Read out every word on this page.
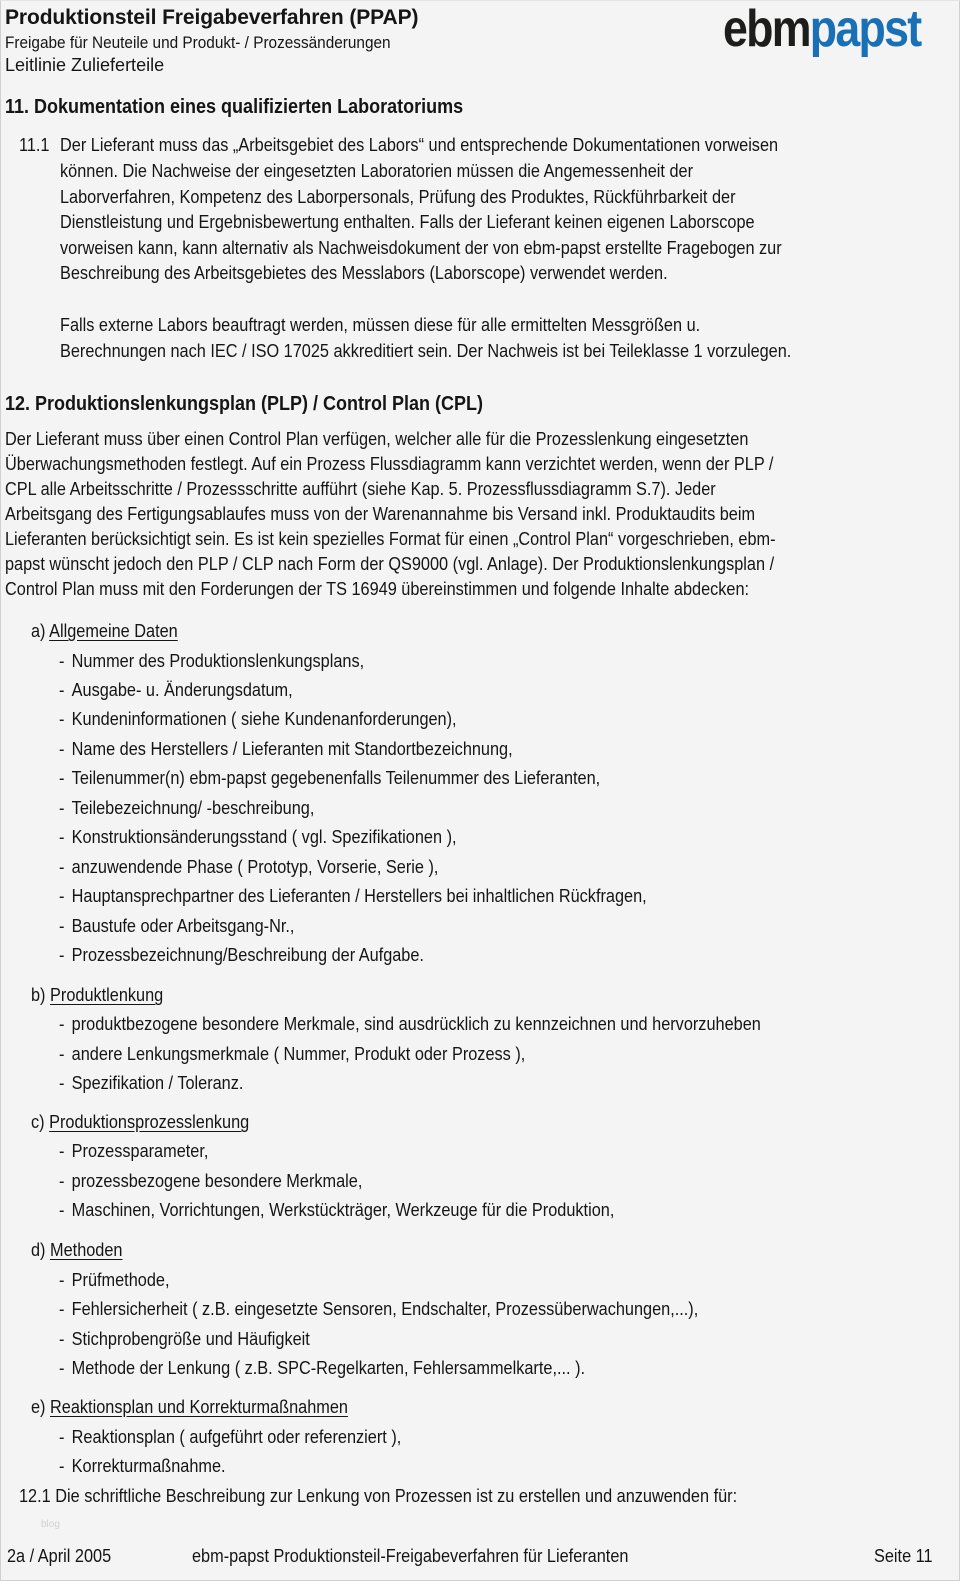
Produktionsteil Freigabeverfahren (PPAP)
Freigabe für Neuteile und Produkt- / Prozessänderungen
Leitlinie Zulieferteile
ebmpapst
11. Dokumentation eines qualifizierten Laboratoriums
11.1 Der Lieferant muss das „Arbeitsgebiet des Labors“ und entsprechende Dokumentationen vorweisen
können. Die Nachweise der eingesetzten Laboratorien müssen die Angemessenheit der
Laborverfahren, Kompetenz des Laborpersonals, Prüfung des Produktes, Rückführbarkeit der
Dienstleistung und Ergebnisbewertung enthalten. Falls der Lieferant keinen eigenen Laborscope
vorweisen kann, kann alternativ als Nachweisdokument der von ebm-papst erstellte Fragebogen zur
Beschreibung des Arbeitsgebietes des Messlabors (Laborscope) verwendet werden.
Falls externe Labors beauftragt werden, müssen diese für alle ermittelten Messgrößen u.
Berechnungen nach IEC / ISO 17025 akkreditiert sein. Der Nachweis ist bei Teileklasse 1 vorzulegen.
12. Produktionslenkungsplan (PLP) / Control Plan (CPL)
Der Lieferant muss über einen Control Plan verfügen, welcher alle für die Prozesslenkung eingesetzten
Überwachungsmethoden festlegt. Auf ein Prozess Flussdiagramm kann verzichtet werden, wenn der PLP /
CPL alle Arbeitsschritte / Prozessschritte aufführt (siehe Kap. 5. Prozessflussdiagramm S.7). Jeder
Arbeitsgang des Fertigungsablaufes muss von der Warenannahme bis Versand inkl. Produktaudits beim
Lieferanten berücksichtigt sein. Es ist kein spezielles Format für einen „Control Plan“ vorgeschrieben, ebm-
papst wünscht jedoch den PLP / CLP nach Form der QS9000 (vgl. Anlage). Der Produktionslenkungsplan /
Control Plan muss mit den Forderungen der TS 16949 übereinstimmen und folgende Inhalte abdecken:
a) Allgemeine Daten
- Nummer des Produktionslenkungsplans,
- Ausgabe- u. Änderungsdatum,
- Kundeninformationen ( siehe Kundenanforderungen),
- Name des Herstellers / Lieferanten mit Standortbezeichnung,
- Teilenummer(n) ebm-papst gegebenenfalls Teilenummer des Lieferanten,
- Teilebezeichnung/ -beschreibung,
- Konstruktionsänderungsstand ( vgl. Spezifikationen ),
- anzuwendende Phase ( Prototyp, Vorserie, Serie ),
- Hauptansprechpartner des Lieferanten / Herstellers bei inhaltlichen Rückfragen,
- Baustufe oder Arbeitsgang-Nr.,
- Prozessbezeichnung/Beschreibung der Aufgabe.
b) Produktlenkung
- produktbezogene besondere Merkmale, sind ausdrücklich zu kennzeichnen und hervorzuheben
- andere Lenkungsmerkmale ( Nummer, Produkt oder Prozess ),
- Spezifikation / Toleranz.
c) Produktionsprozesslenkung
- Prozessparameter,
- prozessbezogene besondere Merkmale,
- Maschinen, Vorrichtungen, Werkstückträger, Werkzeuge für die Produktion,
d) Methoden
- Prüfmethode,
- Fehlersicherheit ( z.B. eingesetzte Sensoren, Endschalter, Prozessüberwachungen,...),
- Stichprobengröße und Häufigkeit
- Methode der Lenkung ( z.B. SPC-Regelkarten, Fehlersammelkarte,... ).
e) Reaktionsplan und Korrekturmaßnahmen
- Reaktionsplan ( aufgeführt oder referenziert ),
- Korrekturmaßnahme.
12.1 Die schriftliche Beschreibung zur Lenkung von Prozessen ist zu erstellen und anzuwenden für:
blog
2a / April 2005	ebm-papst Produktionsteil-Freigabeverfahren für Lieferanten	Seite 11
